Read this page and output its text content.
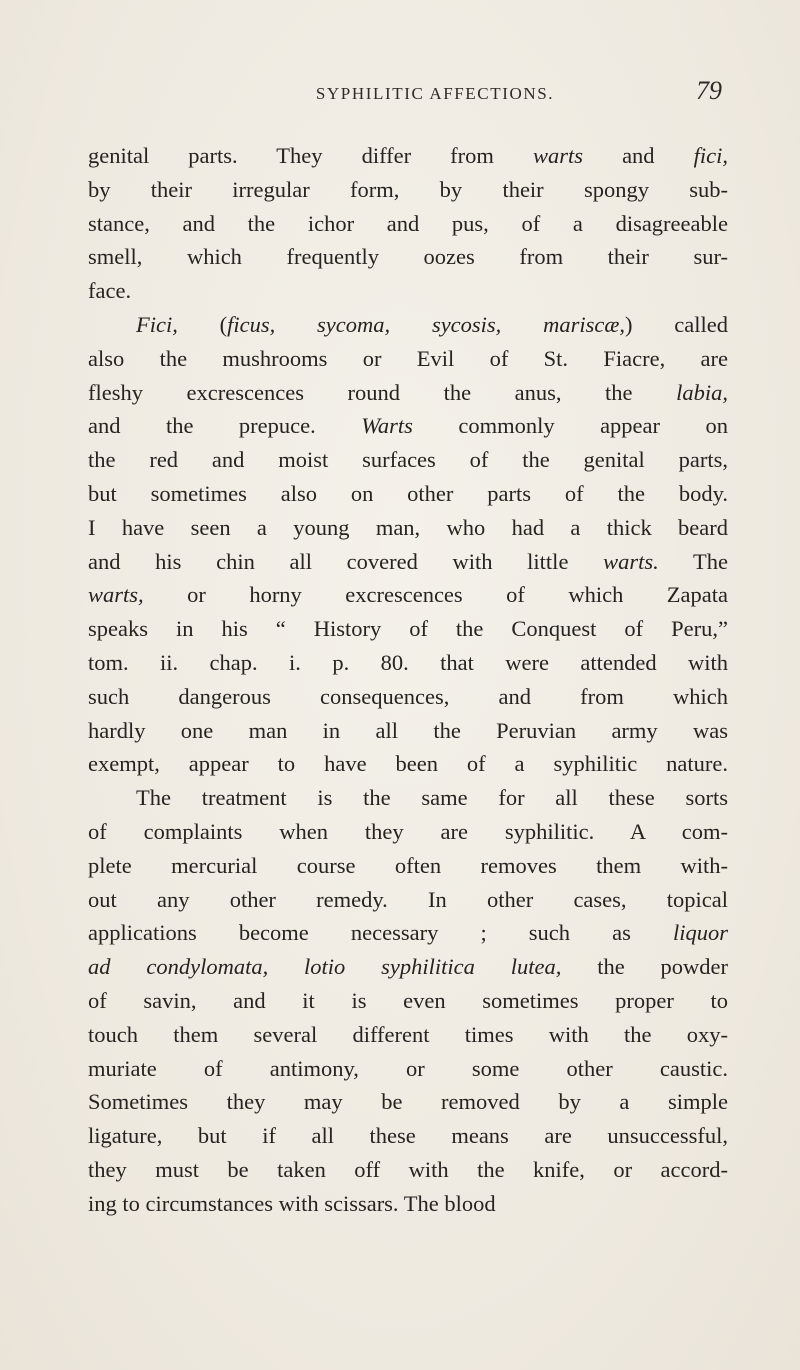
SYPHILITIC AFFECTIONS.	79
genital parts. They differ from warts and fici,
by their irregular form, by their spongy sub-
stance, and the ichor and pus, of a disagreeable
smell, which frequently oozes from their sur-
face.
Fici, (ficus, sycoma, sycosis, mariscæ,) called
also the mushrooms or Evil of St. Fiacre, are
fleshy excrescences round the anus, the labia,
and the prepuce. Warts commonly appear on
the red and moist surfaces of the genital parts,
but sometimes also on other parts of the body.
I have seen a young man, who had a thick beard
and his chin all covered with little warts. The
warts, or horny excrescences of which Zapata
speaks in his “ History of the Conquest of Peru,”
tom. ii. chap. i. p. 80. that were attended with
such dangerous consequences, and from which
hardly one man in all the Peruvian army was
exempt, appear to have been of a syphilitic nature.
The treatment is the same for all these sorts
of complaints when they are syphilitic. A com-
plete mercurial course often removes them with-
out any other remedy. In other cases, topical
applications become necessary ; such as liquor
ad condylomata, lotio syphilitica lutea, the powder
of savin, and it is even sometimes proper to
touch them several different times with the oxy-
muriate of antimony, or some other caustic.
Sometimes they may be removed by a simple
ligature, but if all these means are unsuccessful,
they must be taken off with the knife, or accord-
ing to circumstances with scissars. The blood
